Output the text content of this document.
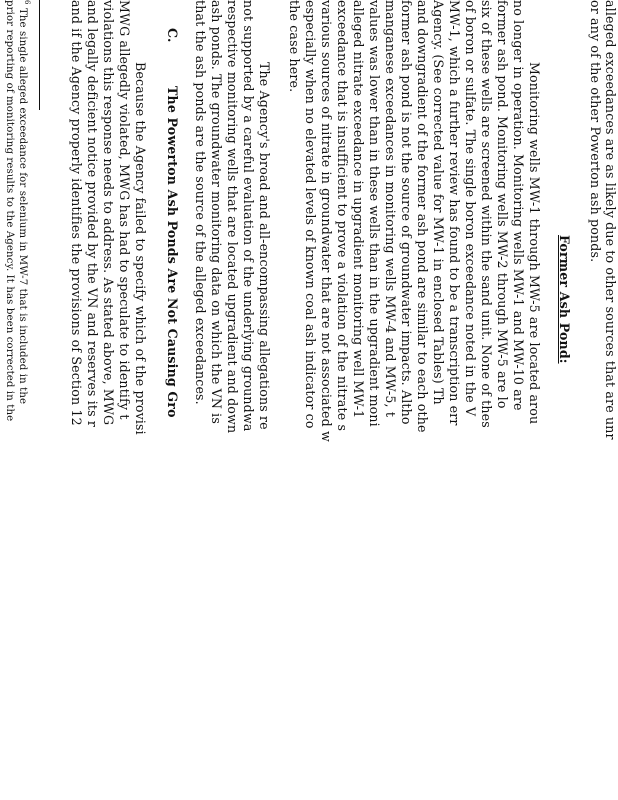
alleged exceedances are as likely due to other sources that are unr
or any of the other Powerton ash ponds.
Former Ash Pond:
Monitoring wells MW-1 through MW-5 are located arou
no longer in operation. Monitoring wells MW-1 and MW-10 are
former ash pond. Monitoring wells MW-2 through MW-5 are lo
six of these wells are screened within the sand unit. None of thes
of boron or sulfate. The single boron exceedance noted in the V
MW-1, which a further review has found to be a transcription err
Agency. (See corrected value for MW-1 in enclosed Tables) Th
and downgradient of the former ash pond are similar to each othe
former ash pond is not the source of groundwater impacts. Altho
manganese exceedances in monitoring wells MW-4 and MW-5, t
values was lower than in these wells than in the upgradient moni
alleged nitrate exceedance in upgradient monitoring well MW-1
exceedance that is insufficient to prove a violation of the nitrate s
various sources of nitrate in groundwater that are not associated w
especially when no elevated levels of known coal ash indicator co
the case here.
The Agency's broad and all-encompassing allegations re
not supported by a careful evaluation of the underlying groundwa
respective monitoring wells that are located upgradient and down
ash ponds. The groundwater monitoring data on which the VN is
that the ash ponds are the source of the alleged exceedances.
C.
The Powerton Ash Ponds Are Not Causing Gro
Because the Agency failed to specify which of the provisi
MWG allegedly violated, MWG has had to speculate to identify t
violations this response needs to address. As stated above, MWG
and legally deficient notice provided by the VN and reserves its r
and if the Agency properly identifies the provisions of Section 12
6
The single alleged exceedance for selenium in MW-7 that is included in the
prior reporting of monitoring results to the Agency. It has been corrected in the
